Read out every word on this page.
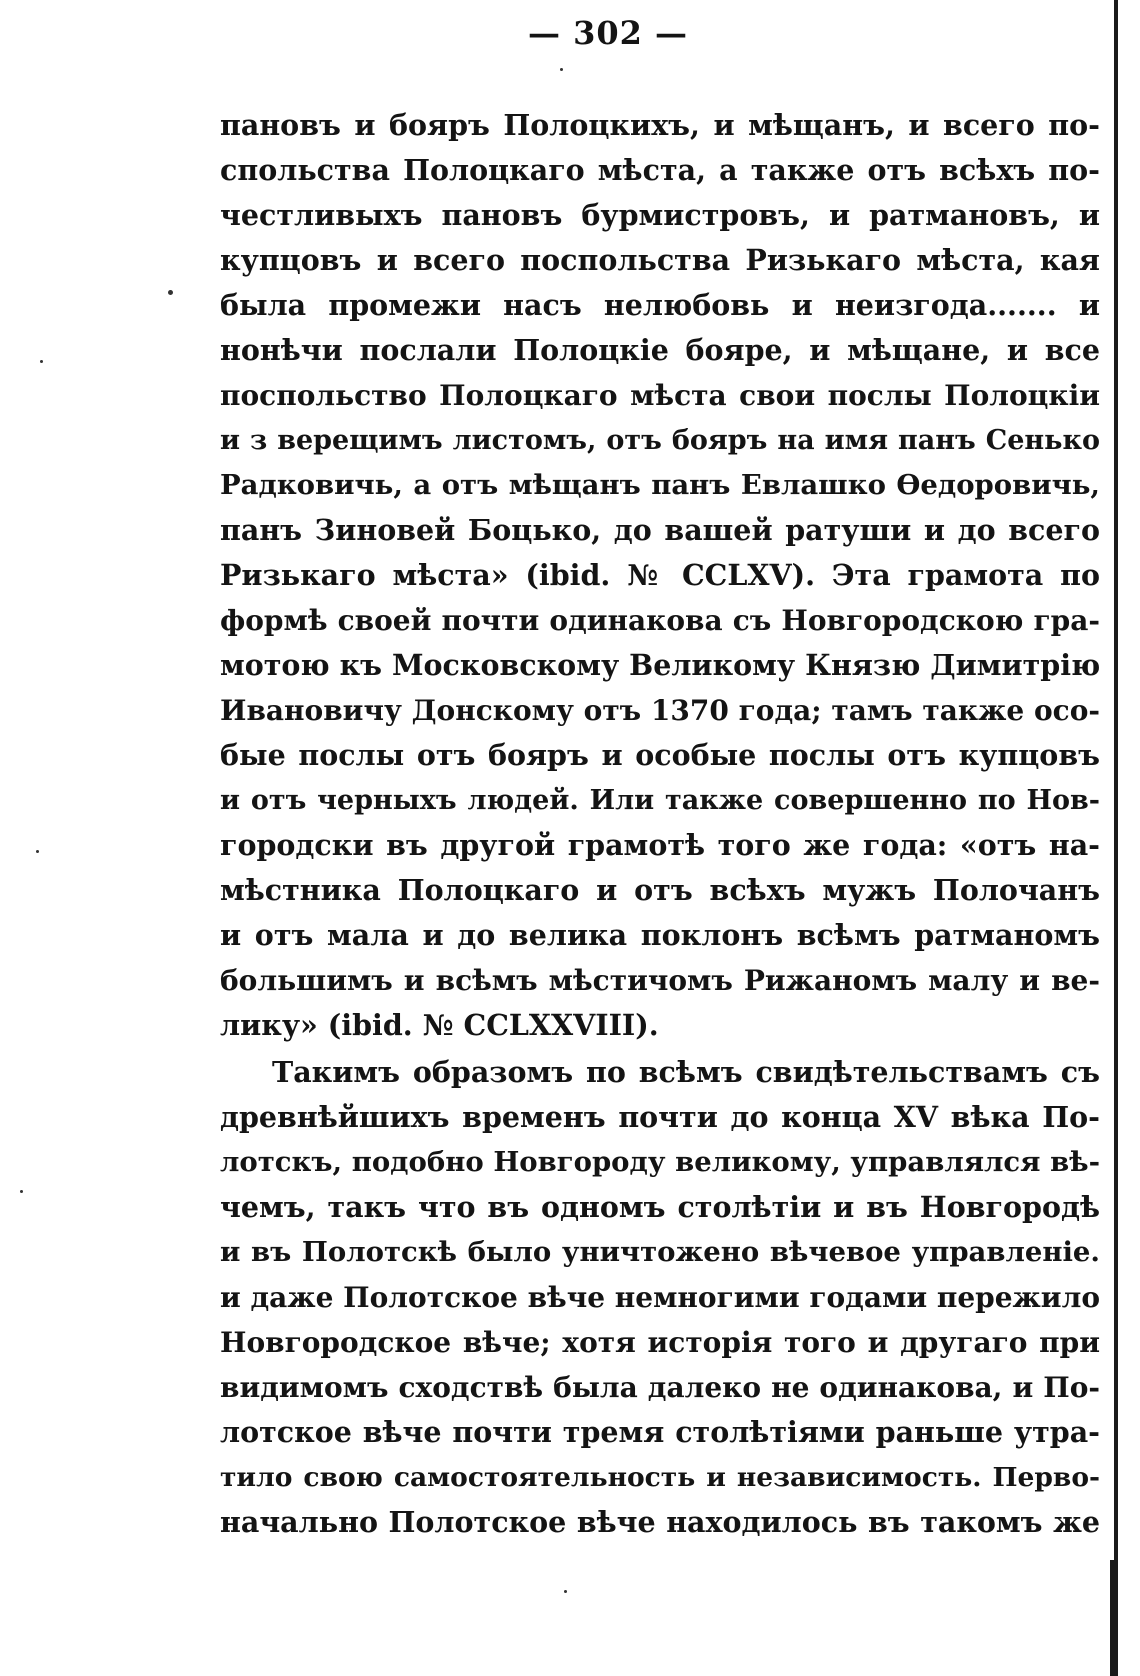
— 302 —
пановъ и бояръ Полоцкихъ, и мѣщанъ, и всего по-
спольства Полоцкаго мѣста, а также отъ всѣхъ по-
честливыхъ пановъ бурмистровъ, и ратмановъ, и
купцовъ и всего поспольства Ризькаго мѣста, кая
была промежи насъ нелюбовь и неизгода....... и
нонѣчи послали Полоцкіе бояре, и мѣщане, и все
поспольство Полоцкаго мѣста свои послы Полоцкіи
и з верещимъ листомъ, отъ бояръ на имя панъ Сенько
Радковичь, а отъ мѣщанъ панъ Евлашко Өедоровичь,
панъ Зиновей Боцько, до вашей ратуши и до всего
Ризькаго мѣста» (ibid. № CCLXV). Эта грамота по
формѣ своей почти одинакова съ Новгородскою гра-
мотою къ Московскому Великому Князю Димитрію
Ивановичу Донскому отъ 1370 года; тамъ также осо-
бые послы отъ бояръ и особые послы отъ купцовъ
и отъ черныхъ людей. Или также совершенно по Нов-
городски въ другой грамотѣ того же года: «отъ на-
мѣстника Полоцкаго и отъ всѣхъ мужъ Полочанъ
и отъ мала и до велика поклонъ всѣмъ ратманомъ
большимъ и всѣмъ мѣстичомъ Рижаномъ малу и ве-
лику» (ibid. № CCLXXVIII).
Такимъ образомъ по всѣмъ свидѣтельствамъ съ
древнѣйшихъ временъ почти до конца XV вѣка По-
лотскъ, подобно Новгороду великому, управлялся вѣ-
чемъ, такъ что въ одномъ столѣтіи и въ Новгородѣ
и въ Полотскѣ было уничтожено вѣчевое управленіе.
и даже Полотское вѣче немногими годами пережило
Новгородское вѣче; хотя исторія того и другаго при
видимомъ сходствѣ была далеко не одинакова, и По-
лотское вѣче почти тремя столѣтіями раньше утра-
тило свою самостоятельность и независимость. Перво-
начально Полотское вѣче находилось въ такомъ же
